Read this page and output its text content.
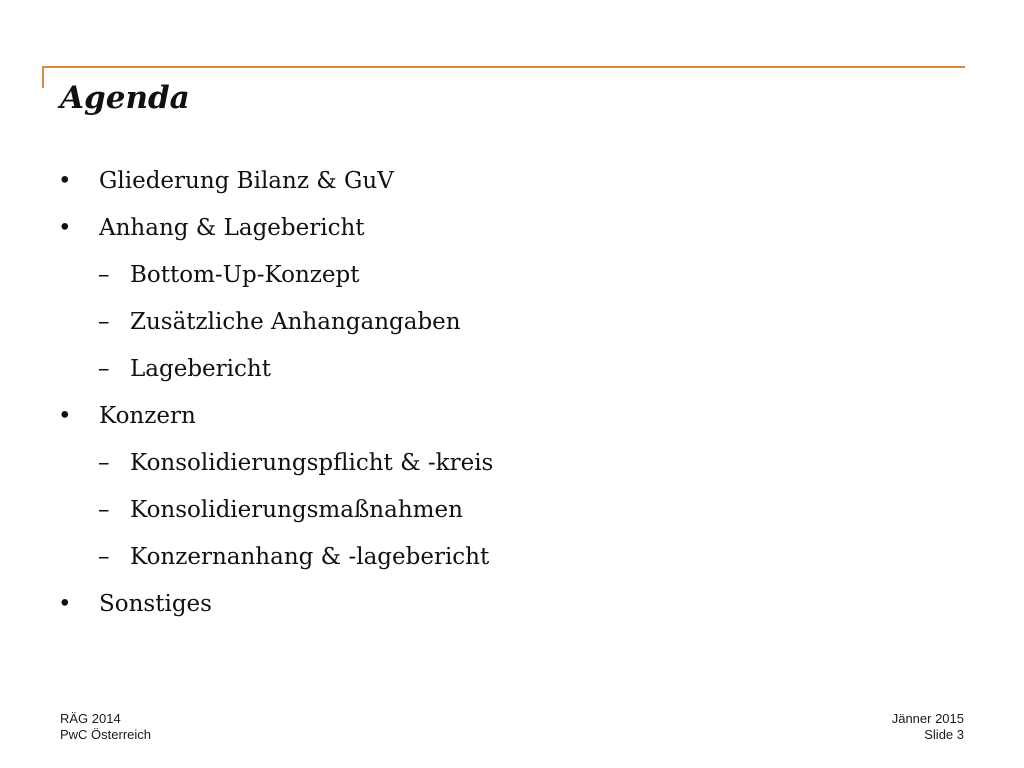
Agenda
• Gliederung Bilanz & GuV
• Anhang & Lagebericht
– Bottom-Up-Konzept
– Zusätzliche Anhangangaben
– Lagebericht
• Konzern
– Konsolidierungspflicht & -kreis
– Konsolidierungsmaßnahmen
– Konzernanhang & -lagebericht
• Sonstiges
RÄG 2014
PwC Österreich
Jänner 2015
Slide 3
